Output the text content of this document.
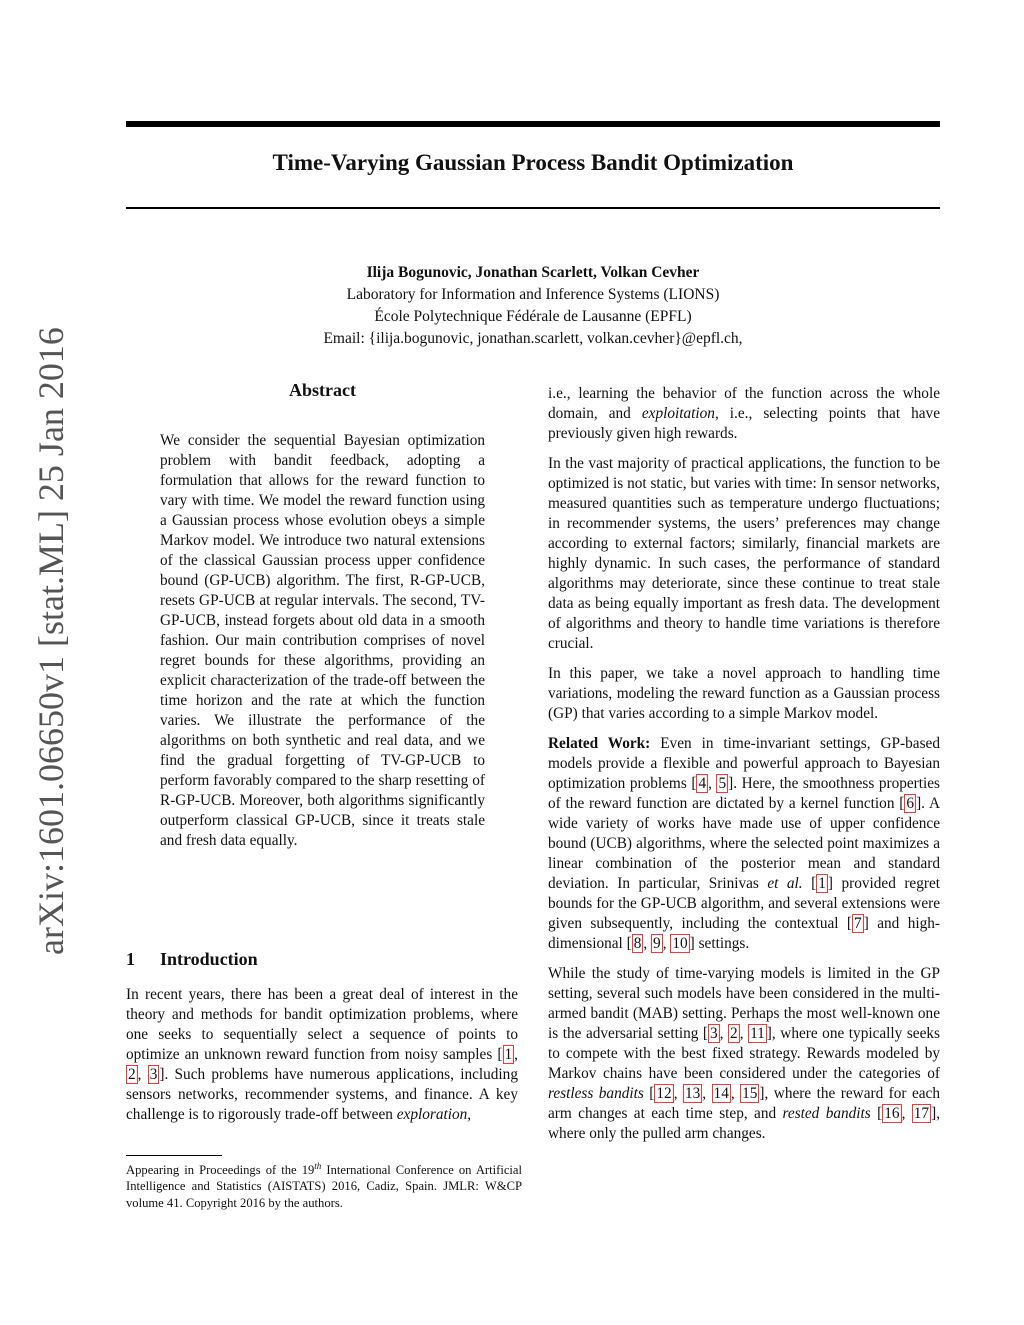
Time-Varying Gaussian Process Bandit Optimization
Ilija Bogunovic, Jonathan Scarlett, Volkan Cevher
Laboratory for Information and Inference Systems (LIONS)
École Polytechnique Fédérale de Lausanne (EPFL)
Email: {ilija.bogunovic, jonathan.scarlett, volkan.cevher}@epfl.ch,
arXiv:1601.06650v1 [stat.ML] 25 Jan 2016	Abstract
We consider the sequential Bayesian optimization problem with bandit feedback, adopting a formulation that allows for the reward function to vary with time. We model the reward function using a Gaussian process whose evolution obeys a simple Markov model. We introduce two natural extensions of the classical Gaussian process upper confidence bound (GP-UCB) algorithm. The first, R-GP-UCB, resets GP-UCB at regular intervals. The second, TV-GP-UCB, instead forgets about old data in a smooth fashion. Our main contribution comprises of novel regret bounds for these algorithms, providing an explicit characterization of the trade-off between the time horizon and the rate at which the function varies. We illustrate the performance of the algorithms on both synthetic and real data, and we find the gradual forgetting of TV-GP-UCB to perform favorably compared to the sharp resetting of R-GP-UCB. Moreover, both algorithms significantly outperform classical GP-UCB, since it treats stale and fresh data equally.
1 Introduction
In recent years, there has been a great deal of interest in the theory and methods for bandit optimization problems, where one seeks to sequentially select a sequence of points to optimize an unknown reward function from noisy samples [ 1 , 2 , 3 ]. Such problems have numerous applications, including sensors networks, recommender systems, and finance. A key challenge is to rigorously trade-off between exploration,
Appearing in Proceedings of the 19th International Conference on Artificial Intelligence and Statistics (AISTATS) 2016, Cadiz, Spain. JMLR: W&CP volume 41. Copyright 2016 by the authors.

i.e., learning the behavior of the function across the whole domain, and exploitation, i.e., selecting points that have previously given high rewards.

In the vast majority of practical applications, the function to be optimized is not static, but varies with time: In sensor networks, measured quantities such as temperature undergo fluctuations; in recommender systems, the users’ preferences may change according to external factors; similarly, financial markets are highly dynamic. In such cases, the performance of standard algorithms may deteriorate, since these continue to treat stale data as being equally important as fresh data. The development of algorithms and theory to handle time variations is therefore crucial.

In this paper, we take a novel approach to handling time variations, modeling the reward function as a Gaussian process (GP) that varies according to a simple Markov model.

Related Work: Even in time-invariant settings, GP-based models provide a flexible and powerful approach to Bayesian optimization problems [ 4 , 5 ]. Here, the smoothness properties of the reward function are dictated by a kernel function [ 6 ]. A wide variety of works have made use of upper confidence bound (UCB) algorithms, where the selected point maximizes a linear combination of the posterior mean and standard deviation. In particular, Srinivas et al. [ 1 ] provided regret bounds for the GP-UCB algorithm, and several extensions were given subsequently, including the contextual [ 7 ] and high-dimensional [ 8 , 9 , 10 ] settings.

While the study of time-varying models is limited in the GP setting, several such models have been considered in the multi-armed bandit (MAB) setting. Perhaps the most well-known one is the adversarial setting [ 3 , 2 , 11 ], where one typically seeks to compete with the best fixed strategy. Rewards modeled by Markov chains have been considered under the categories of restless bandits [ 12 , 13 , 14 , 15 ], where the reward for each arm changes at each time step, and rested bandits [ 16 , 17 ], where only the pulled arm changes.
